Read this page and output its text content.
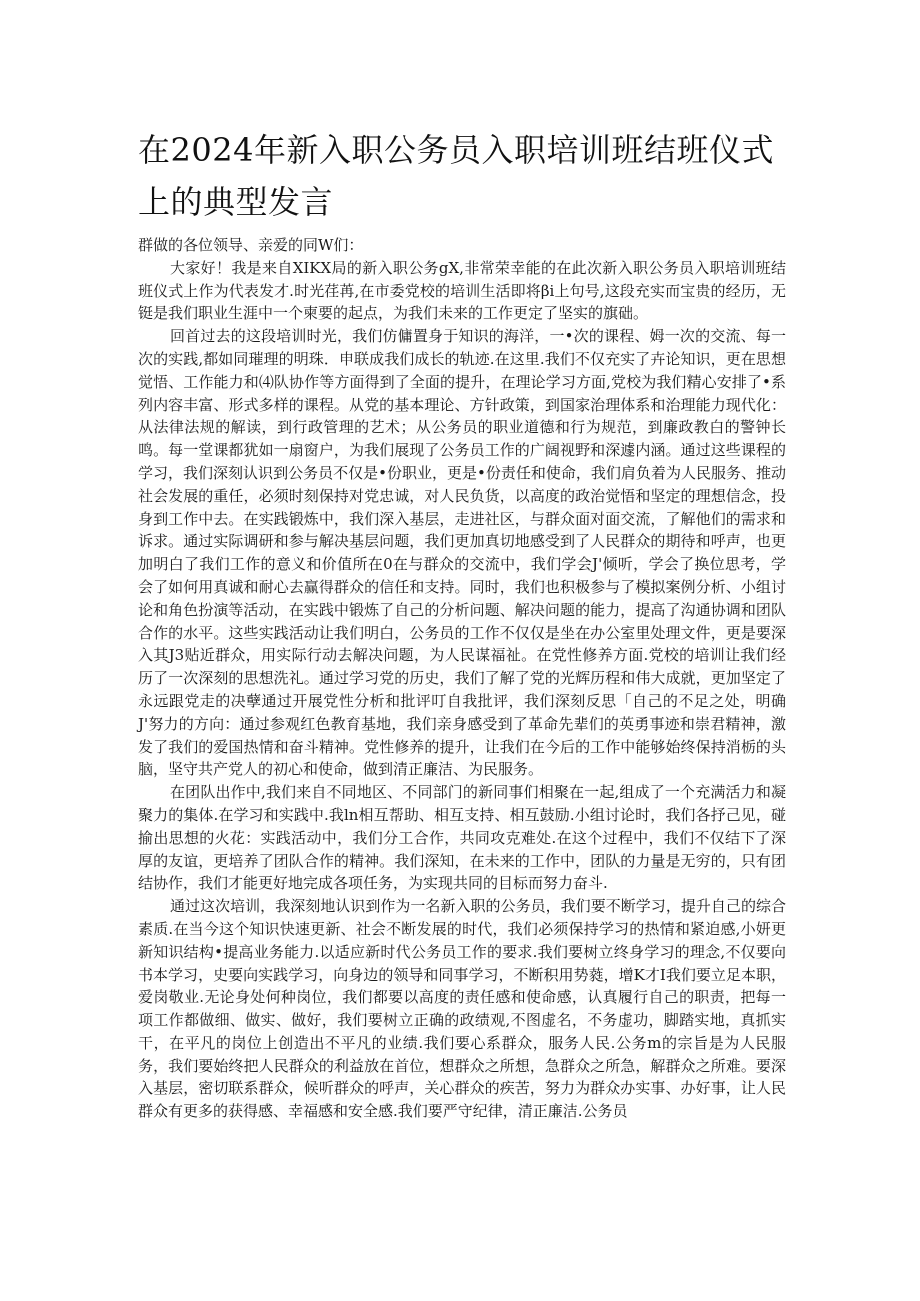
在2024年新入职公务员入职培训班结班仪式上的典型发言

群做的各位领导、亲爱的同W们：

大家好！我是来自XIKX局的新入职公务gX,非常荣幸能的在此次新入职公务员入职培训班结班仪式上作为代表发才.时光荏苒,在市委党校的培训生活即将βi上句号,这段充实而宝贵的经历，无铤是我们职业生涯中一个柬要的起点，为我们未来的工作更定了坚实的旗础。

回首过去的这段培训时光，我们仿傭置身于知识的海洋，一•次的课程、姆一次的交流、每一次的实践,都如同璀理的明珠．申联成我们成长的轨迹.在这里.我们不仅充实了卉论知识，更在思想觉悟、工作能力和⑷队协作等方面得到了全面的提升，在理论学习方面,党校为我们精心安排了•系列内容丰富、形式多样的课程。从党的基本理论、方针政策，到国家治理体系和治理能力现代化：从法律法规的解读，到行政管理的艺术；从公务员的职业道德和行为规范，到廉政教白的警钟长鸣。每一堂课都犹如一扇窗户，为我们展现了公务员工作的广阔视野和深遽内涵。通过这些课程的学习，我们深刻认识到公务员不仅是•份职业，更是•份责任和使命，我们肩负着为人民服务、推动社会发展的重任，必须时刻保持对党忠诚，对人民负货，以高度的政治觉悟和坚定的理想信念，投身到工作中去。在实践锻炼中，我们深入基层，走进社区，与群众面对面交流，了解他们的需求和诉求。通过实际调研和参与解决基层问题，我们更加真切地感受到了人民群众的期待和呼声，也更加明白了我们工作的意义和价值所在0在与群众的交流中，我们学会J'倾听，学会了换位思考，学会了如何用真诚和耐心去赢得群众的信任和支持。同时，我们也积极参与了模拟案例分析、小组讨论和角色扮演等活动，在实践中锻炼了自己的分析问题、解决问题的能力，提高了沟通协调和团队合作的水平。这些实践活动让我们明白，公务员的工作不仅仅是坐在办公室里处理文件，更是要深入其J3贴近群众，用实际行动去解决问题，为人民谋福祉。在党性修养方面.党校的培训让我们经历了一次深刻的思想洗礼。通过学习党的历史，我们了解了党的光辉历程和伟大成就，更加坚定了永远跟党走的决孽通过开展党性分析和批评叮自我批评，我们深刻反思「自己的不足之处，明确J'努力的方向：通过参观红色教育基地，我们亲身感受到了革命先辈们的英勇事迹和崇君精神，激发了我们的爱国热情和奋斗精神。党性修养的提升，让我们在今后的工作中能够始终保持消栃的头脑，坚守共产党人的初心和使命，做到清正廉洁、为民服务。

在团队出作中,我们来自不同地区、不同部门的新同事们相聚在一起,组成了一个充满活力和凝聚力的集体.在学习和实践中.我ln相互帮助、相互支持、相互鼓励.小组讨论时，我们各抒己见，碰揄出思想的火花：实践活动中，我们分工合作，共同攻克难处.在这个过程中，我们不仅结下了深厚的友谊，更培养了团队合作的精神。我们深知，在未来的工作中，团队的力量是无穷的，只有团结协作，我们才能更好地完成各项任务，为实现共同的目标而努力奋斗.

通过这次培训，我深刻地认识到作为一名新入职的公务员，我们要不断学习，提升自己的综合素质.在当今这个知识快速更新、社会不断发展的时代，我们必须保持学习的热情和紧迫感,小妍更新知识结构•提高业务能力.以适应新时代公务员工作的要求.我们要树立终身学习的理念,不仅要向书本学习，史要向实践学习，向身边的领导和同事学习，不断积用势蕤，增K才I我们要立足本职，爱岗敬业.无论身处何种岗位，我们都要以高度的责任感和使命感，认真履行自己的职责，把每一项工作都做细、做实、做好，我们要树立正确的政绩观,不图虚名，不务虚功，脚踏实地，真抓实干，在平凡的岗位上创造出不平凡的业绩.我们要心系群众，服务人民.公务m的宗旨是为人民服务，我们要始终把人民群众的利益放在首位，想群众之所想，急群众之所急，解群众之所难。要深入基层，密切联系群众，候听群众的呼声，关心群众的疾苦，努力为群众办实事、办好事，让人民群众有更多的获得感、幸福感和安全感.我们要严守纪律，清正廉洁.公务员
